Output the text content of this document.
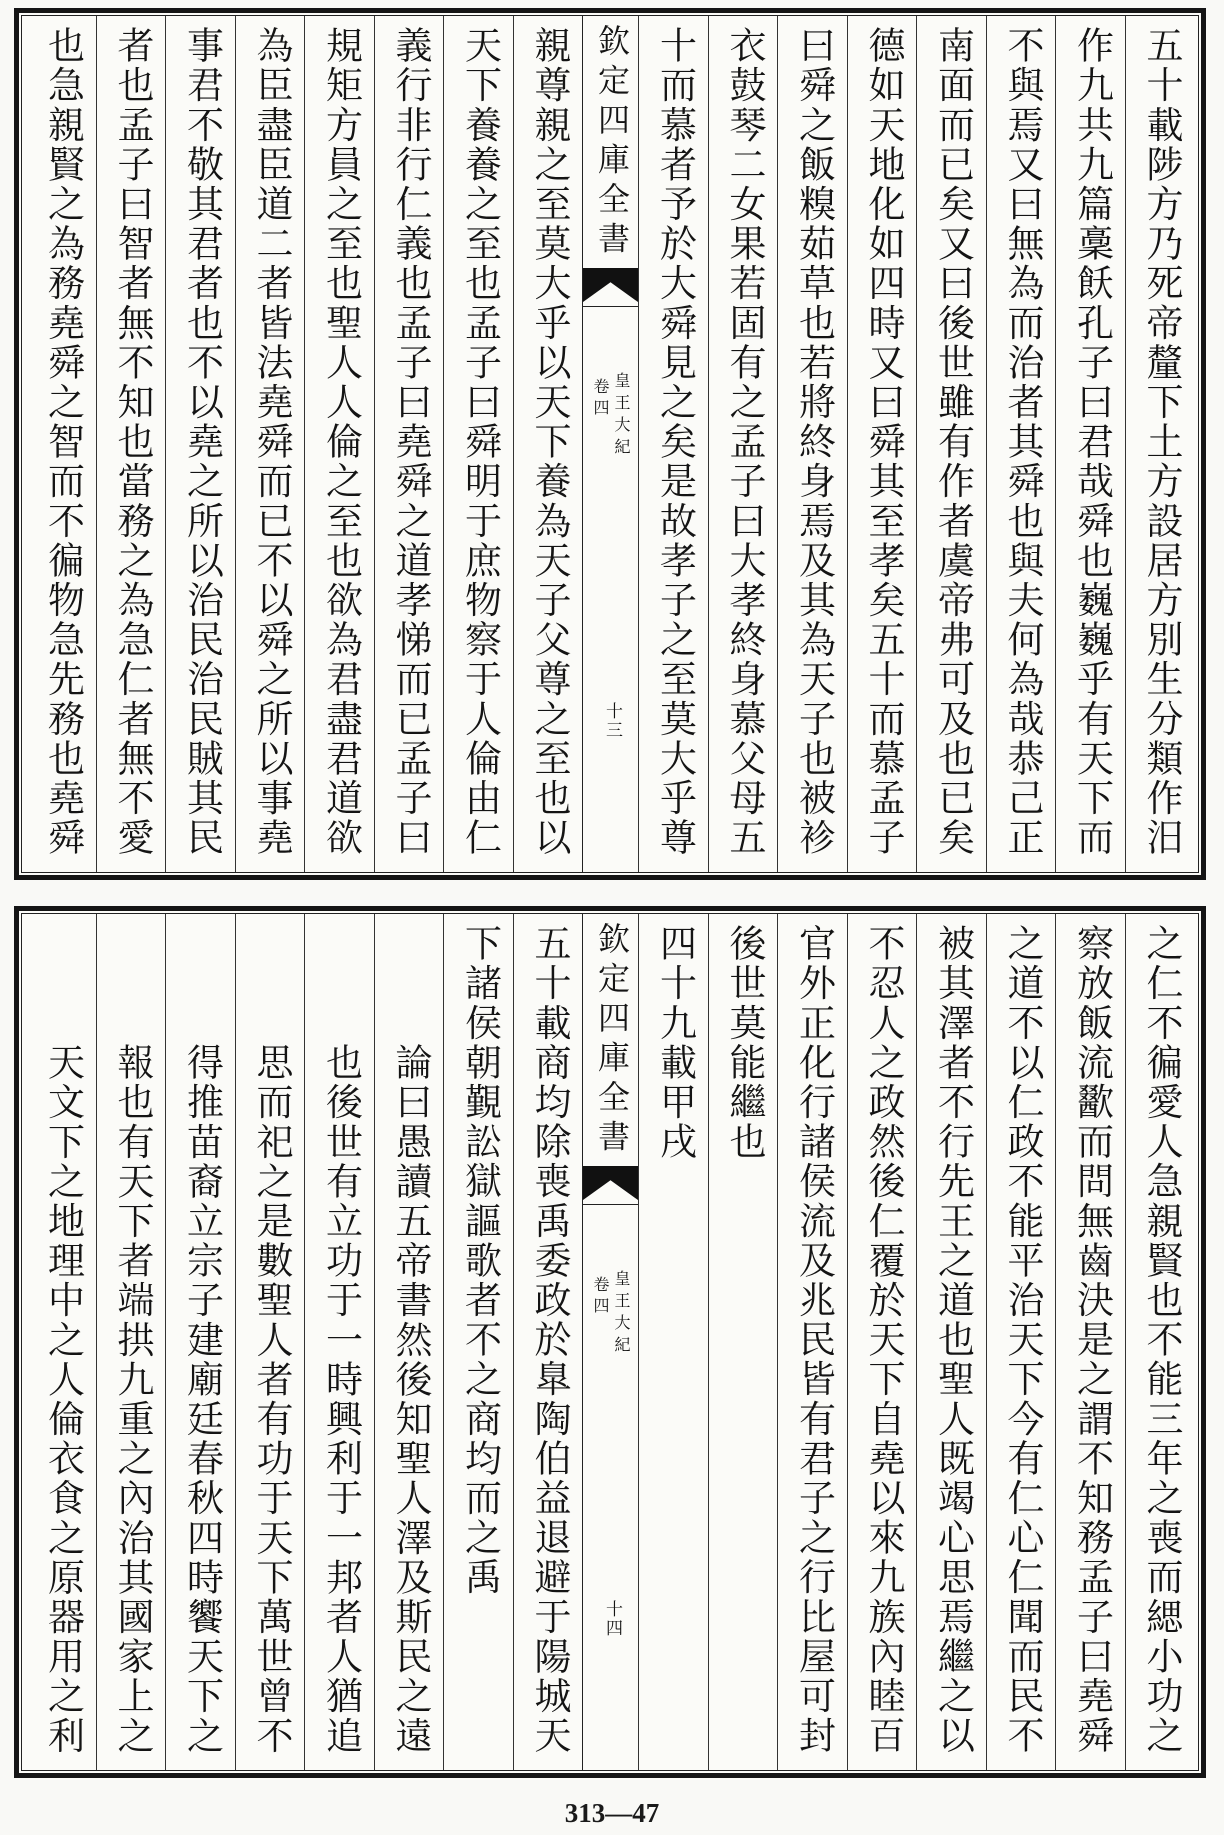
五十載陟方乃死帝釐下土方設居方別生分類作汨
作九共九篇稾飫孔子曰君哉舜也巍巍乎有天下而
不與焉又曰無為而治者其舜也與夫何為哉恭己正
南面而已矣又曰後世雖有作者虞帝弗可及也已矣
德如天地化如四時又曰舜其至孝矣五十而慕孟子
曰舜之飯糗茹草也若將終身焉及其為天子也被袗
衣鼓琴二女果若固有之孟子曰大孝終身慕父母五
十而慕者予於大舜見之矣是故孝子之至莫大乎尊
欽定四庫全書
皇王大紀
卷四
十三
親尊親之至莫大乎以天下養為天子父尊之至也以
天下養養之至也孟子曰舜明于庶物察于人倫由仁
義行非行仁義也孟子曰堯舜之道孝悌而已孟子曰
規矩方員之至也聖人人倫之至也欲為君盡君道欲
為臣盡臣道二者皆法堯舜而已不以舜之所以事堯
事君不敬其君者也不以堯之所以治民治民賊其民
者也孟子曰智者無不知也當務之為急仁者無不愛
也急親賢之為務堯舜之智而不徧物急先務也堯舜
之仁不徧愛人急親賢也不能三年之喪而緦小功之
察放飯流歠而問無齒決是之謂不知務孟子曰堯舜
之道不以仁政不能平治天下今有仁心仁聞而民不
被其澤者不行先王之道也聖人既竭心思焉繼之以
不忍人之政然後仁覆於天下自堯以來九族內睦百
官外正化行諸侯流及兆民皆有君子之行比屋可封
後世莫能繼也
四十九載甲戌
欽定四庫全書
皇王大紀
卷四
十四
五十載商均除喪禹委政於臯陶伯益退避于陽城天
下諸侯朝覲訟獄謳歌者不之商均而之禹
論曰愚讀五帝書然後知聖人澤及斯民之遠
也後世有立功于一時興利于一邦者人猶追
思而祀之是數聖人者有功于天下萬世曾不
得推苗裔立宗子建廟廷春秋四時饗天下之
報也有天下者端拱九重之內治其國家上之
天文下之地理中之人倫衣食之原器用之利
313—47
